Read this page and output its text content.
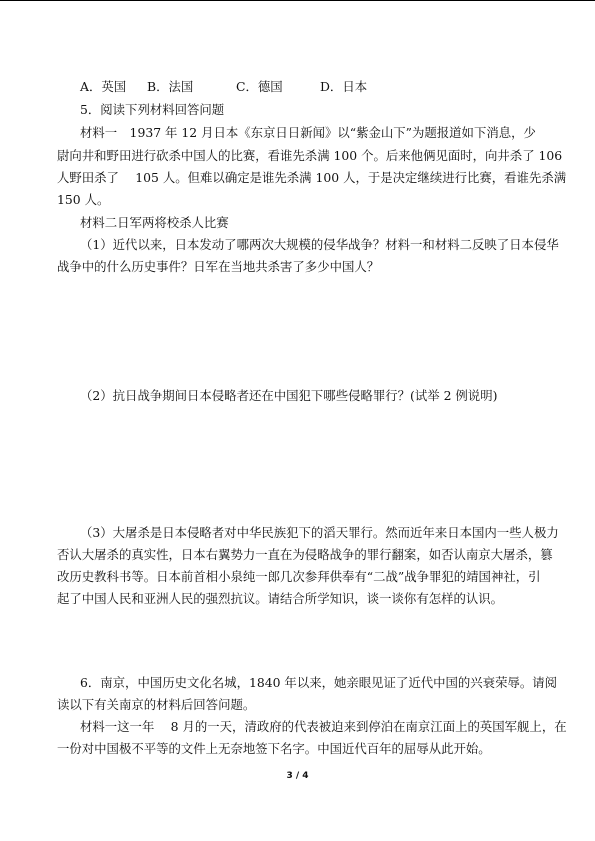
A．英国 B．法国	C．德国	D．日本
5．阅读下列材料回答问题
材料一　1937 年 12 月日本《东京日日新闻》以“紫金山下”为题报道如下消息，少
尉向井和野田进行砍杀中国人的比赛，看谁先杀满 100 个。后来他俩见面时，向井杀了 106
人野田杀了　 105 人。但难以确定是谁先杀满 100 人，于是决定继续进行比赛，看谁先杀满
150 人。
材料二日军两将校杀人比赛
（1）近代以来，日本发动了哪两次大规模的侵华战争？材料一和材料二反映了日本侵华
战争中的什么历史事件？日军在当地共杀害了多少中国人？
（2）抗日战争期间日本侵略者还在中国犯下哪些侵略罪行？(试举 2 例说明)
（3）大屠杀是日本侵略者对中华民族犯下的滔天罪行。然而近年来日本国内一些人极力
否认大屠杀的真实性，日本右翼势力一直在为侵略战争的罪行翻案，如否认南京大屠杀，篡
改历史教科书等。日本前首相小泉纯一郎几次参拜供奉有“二战”战争罪犯的靖国神社，引
起了中国人民和亚洲人民的强烈抗议。请结合所学知识，谈一谈你有怎样的认识。
6．南京，中国历史文化名城，1840 年以来，她亲眼见证了近代中国的兴衰荣辱。请阅
读以下有关南京的材料后回答问题。
材料一这一年　 8 月的一天，清政府的代表被迫来到停泊在南京江面上的英国军舰上，在
一份对中国极不平等的文件上无奈地签下名字。中国近代百年的屈辱从此开始。
3 / 4
